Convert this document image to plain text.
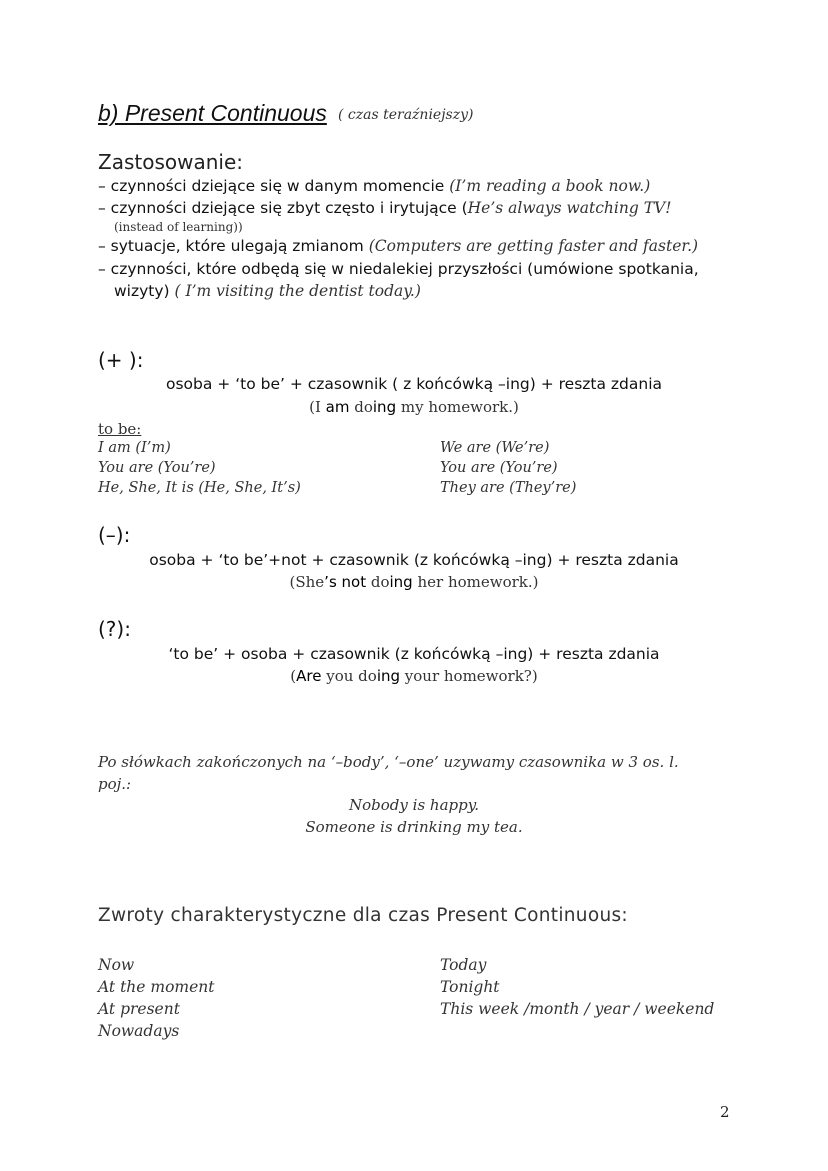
b) Present Continuous ( czas teraźniejszy)
Zastosowanie:
– czynności dziejące się w danym momencie (I’m reading a book now.)
– czynności dziejące się zbyt często i irytujące (He’s always watching TV!
(instead of learning))
– sytuacje, które ulegają zmianom (Computers are getting faster and faster.)
– czynności, które odbędą się w niedalekiej przyszłości (umówione spotkania,
wizyty) ( I’m visiting the dentist today.)
(+ ):
osoba + ‘to be’ + czasownik ( z końcówką –ing) + reszta zdania
(I am doing my homework.)
to be:
I am (I’m)
You are (You’re)
He, She, It is (He, She, It’s)
We are (We’re)
You are (You’re)
They are (They’re)
(–):
osoba + ‘to be’+not + czasownik (z końcówką –ing) + reszta zdania
(She’s not doing her homework.)
(?):
‘to be’ + osoba + czasownik (z końcówką –ing) + reszta zdania
(Are you doing your homework?)
Po słówkach zakończonych na ‘–body’, ‘–one’ uzywamy czasownika w 3 os. l.
poj.:
Nobody is happy.
Someone is drinking my tea.
Zwroty charakterystyczne dla czas Present Continuous:
Now
At the moment
At present
Nowadays
Today
Tonight
This week /month / year / weekend
2
